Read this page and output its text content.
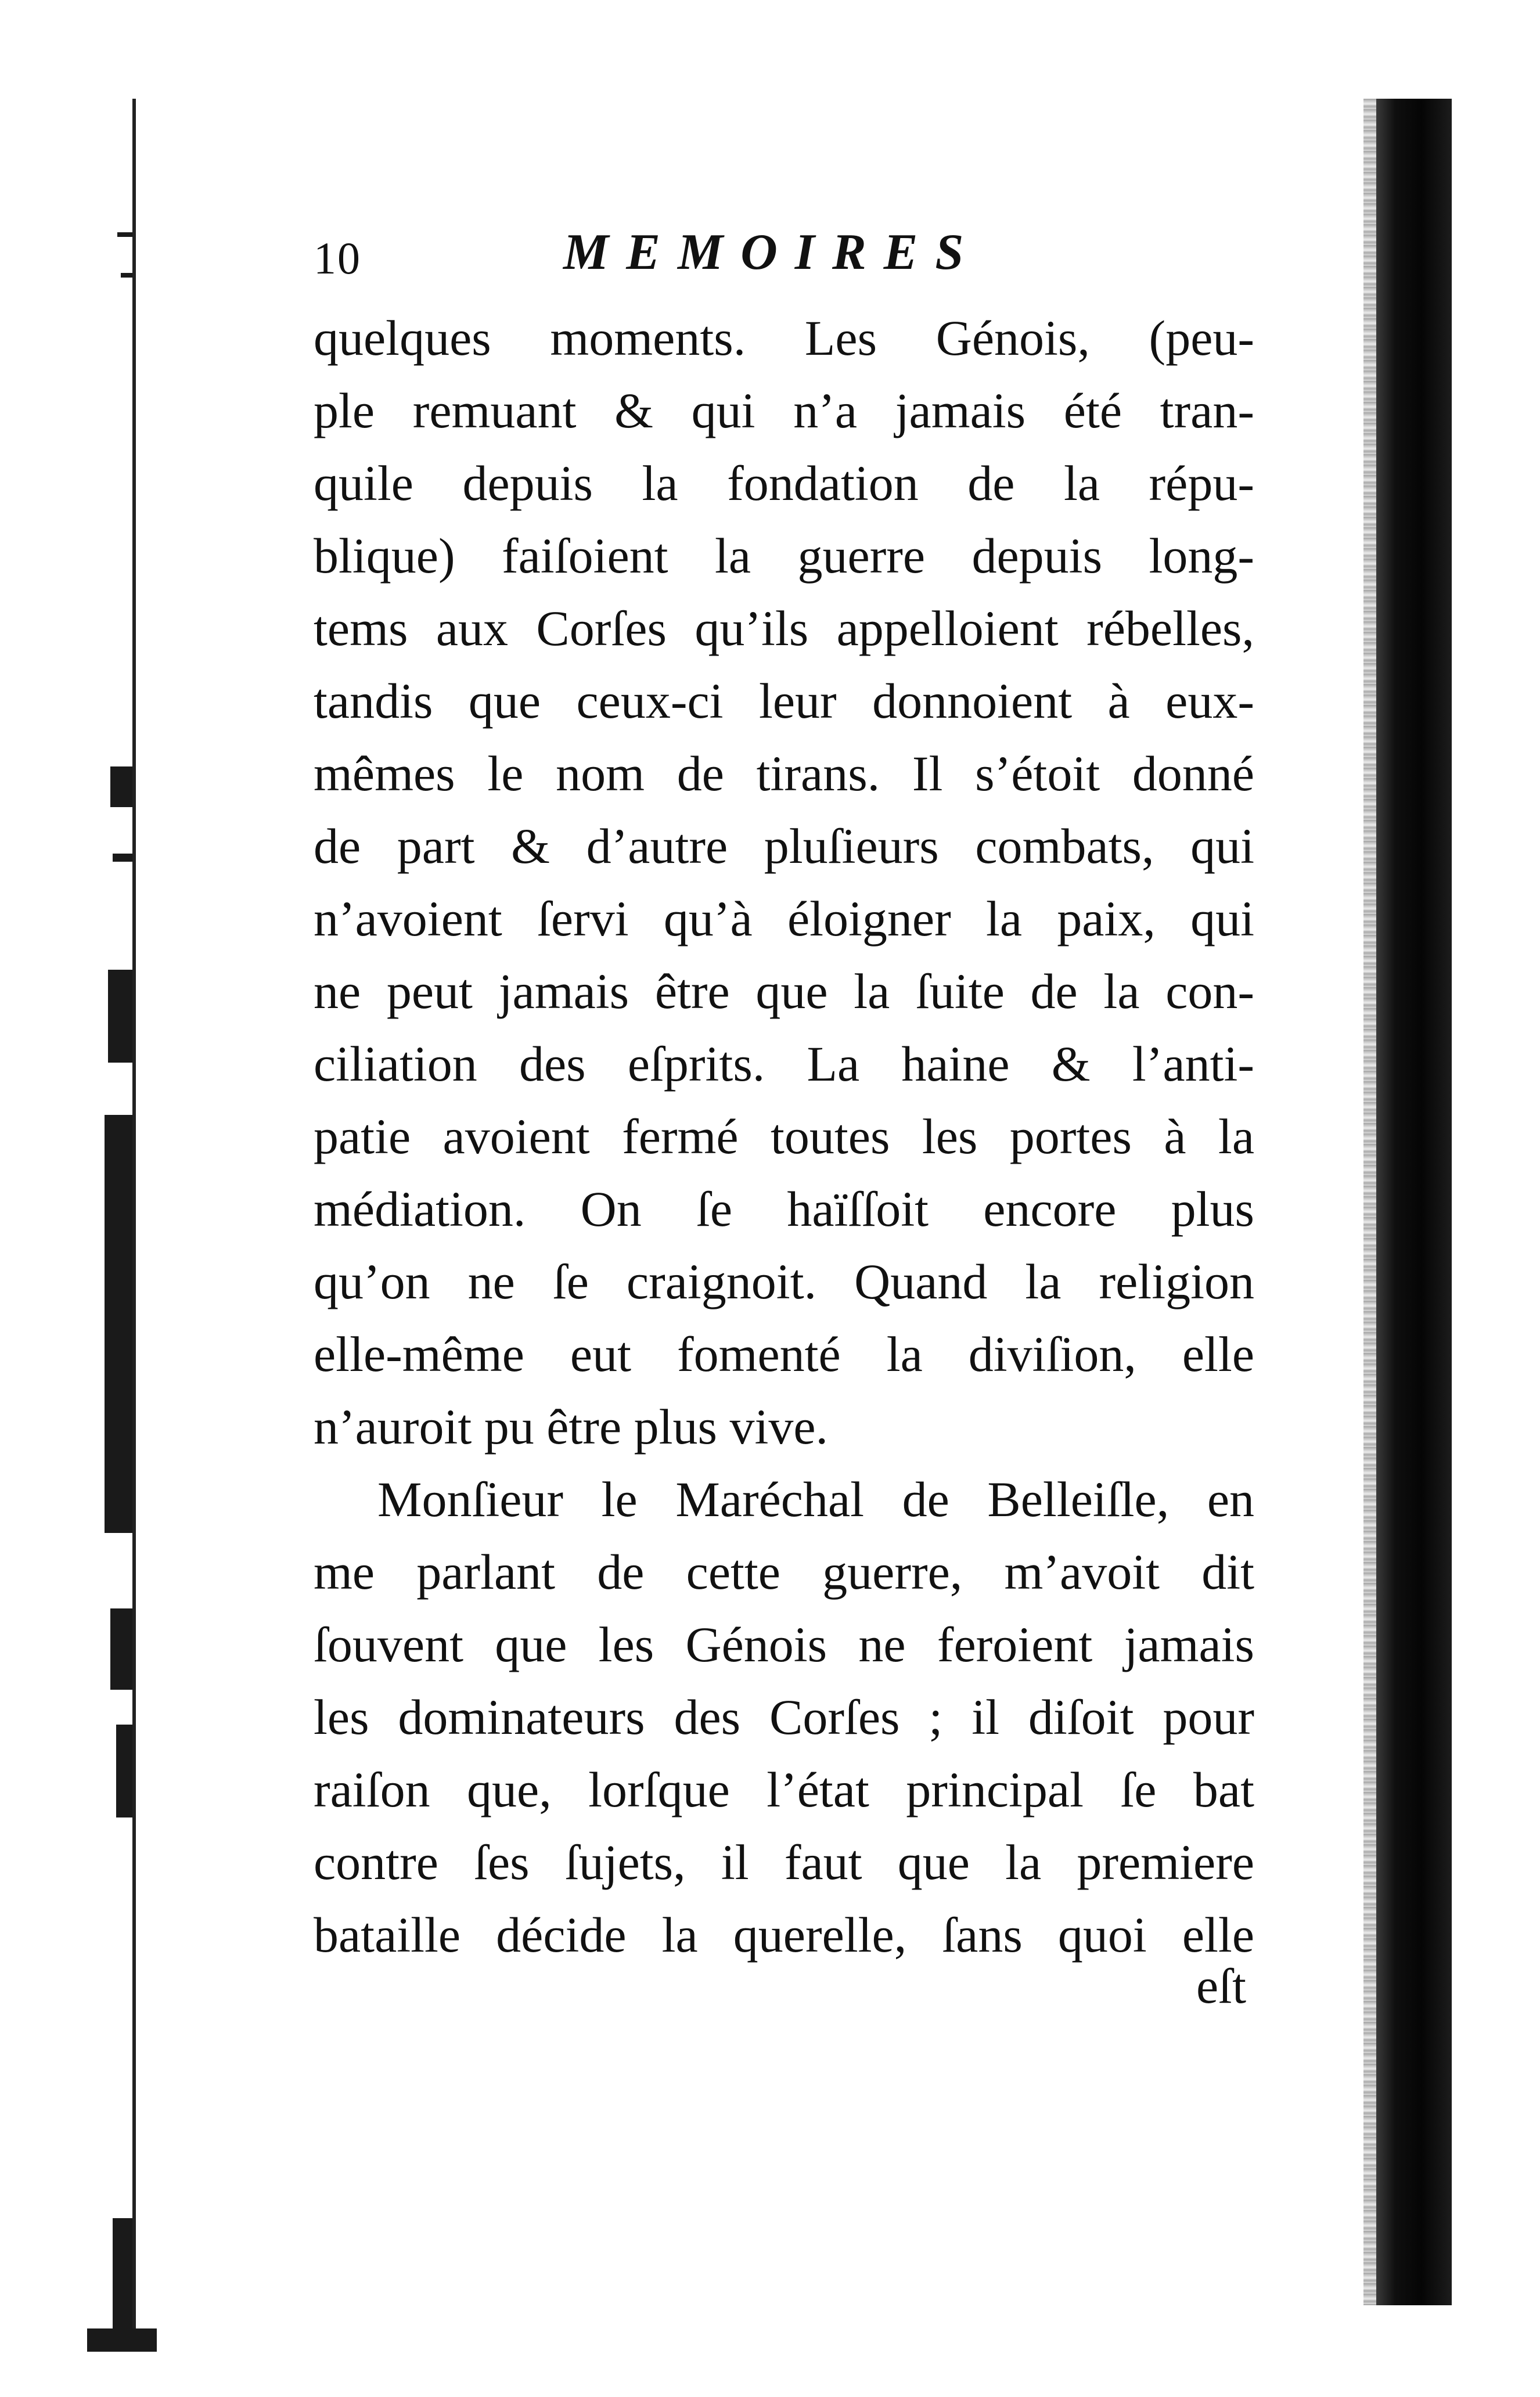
10	MEMOIRES
quelques moments. Les Génois, (peu-
ple remuant & qui n’a jamais été tran-
quile depuis la fondation de la répu-
blique) faiſoient la guerre depuis long-
tems aux Corſes qu’ils appelloient rébelles,
tandis que ceux-ci leur donnoient à eux-
mêmes le nom de tirans. Il s’étoit donné
de part & d’autre pluſieurs combats, qui
n’avoient ſervi qu’à éloigner la paix, qui
ne peut jamais être que la ſuite de la con-
ciliation des eſprits. La haine & l’anti-
patie avoient fermé toutes les portes à la
médiation. On ſe haïſſoit encore plus
qu’on ne ſe craignoit. Quand la religion
elle-même eut fomenté la diviſion, elle
n’auroit pu être plus vive.
Monſieur le Maréchal de Belleiſle, en
me parlant de cette guerre, m’avoit dit
ſouvent que les Génois ne feroient jamais
les dominateurs des Corſes ; il diſoit pour
raiſon que, lorſque l’état principal ſe bat
contre ſes ſujets, il faut que la premiere
bataille décide la querelle, ſans quoi elle
eſt
